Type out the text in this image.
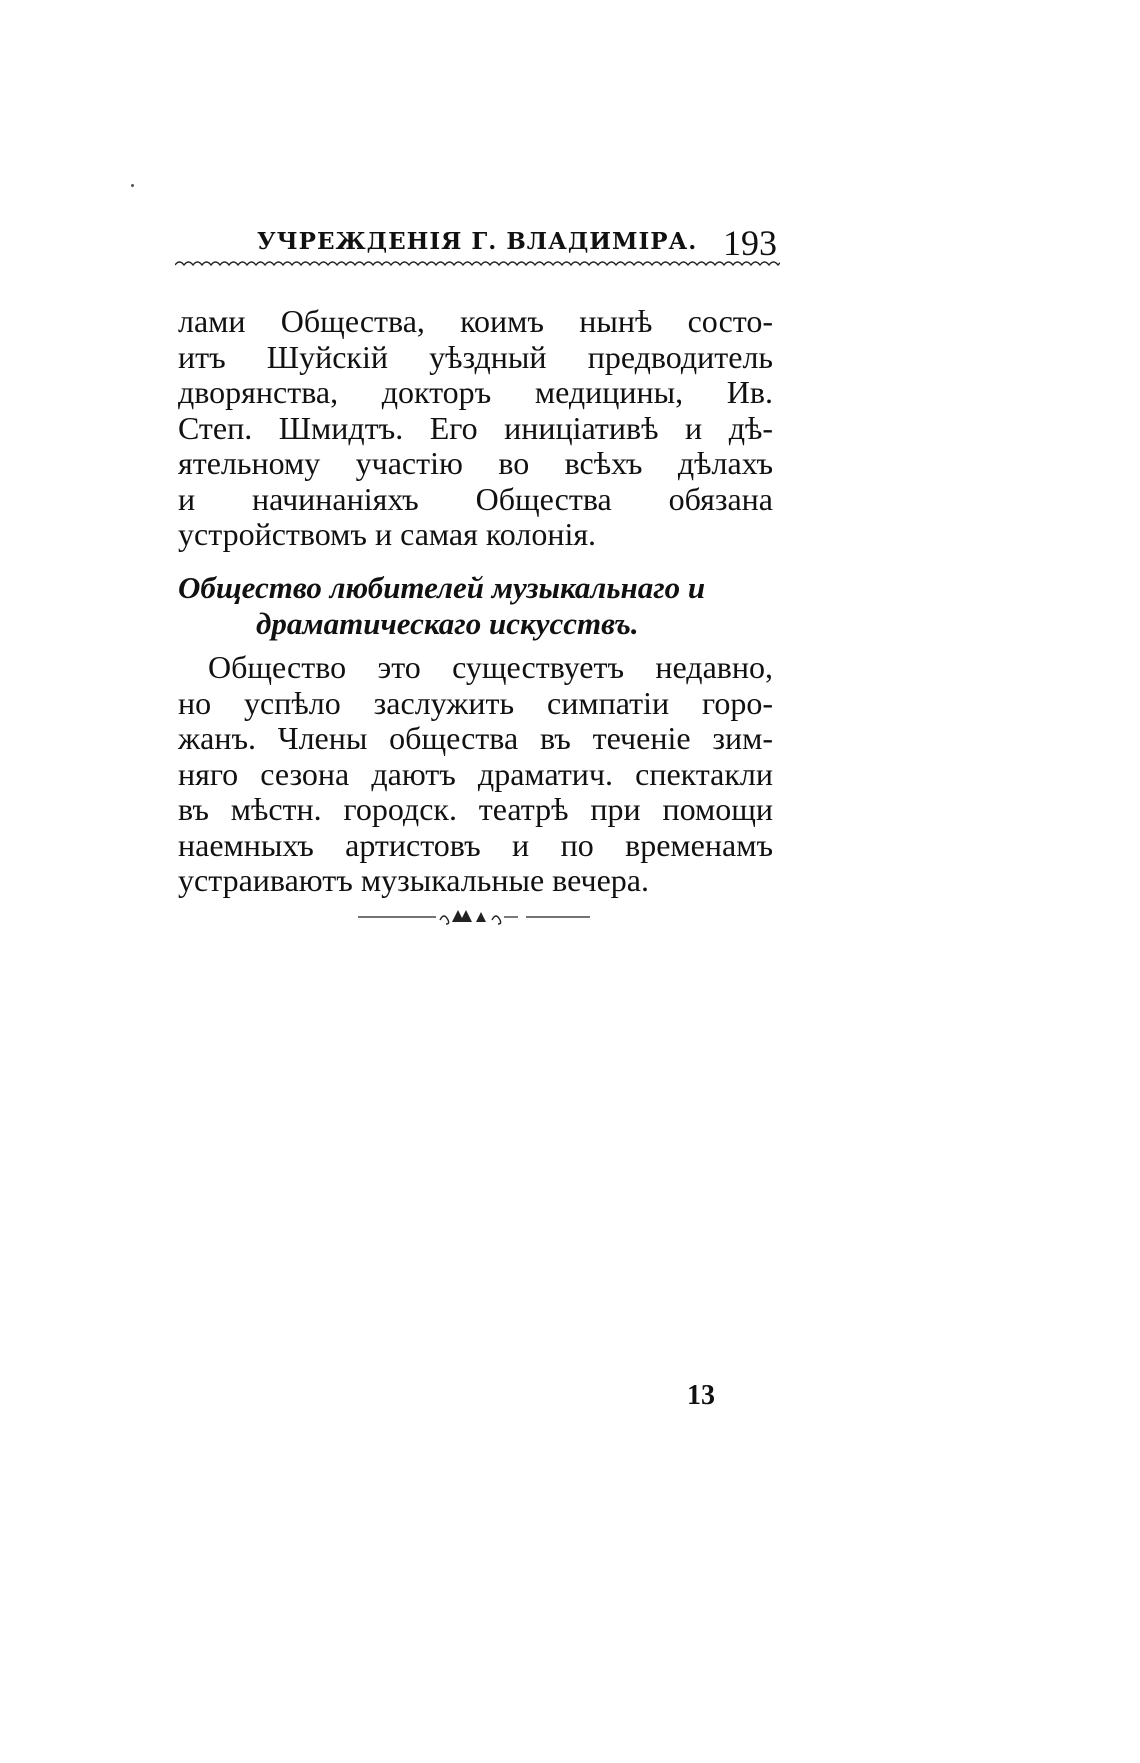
УЧРЕЖДЕНІЯ Г. ВЛАДИМІРА. 193
лами Общества, коимъ нынѣ состо-
итъ Шуйскій уѣздный предводитель
дворянства, докторъ медицины, Ив.
Степ. Шмидтъ. Его иниціативѣ и дѣ-
ятельному участію во всѣхъ дѣлахъ
и начинаніяхъ Общества обязана
устройствомъ и самая колонія.
Общество любителей музыкальнаго и
драматическаго искусствъ.
Общество это существуетъ недавно,
но успѣло заслужить симпатіи горо-
жанъ. Члены общества въ теченіе зим-
няго сезона даютъ драматич. спектакли
въ мѣстн. городск. театрѣ при помощи
наемныхъ артистовъ и по временамъ
устраиваютъ музыкальные вечера.
13
